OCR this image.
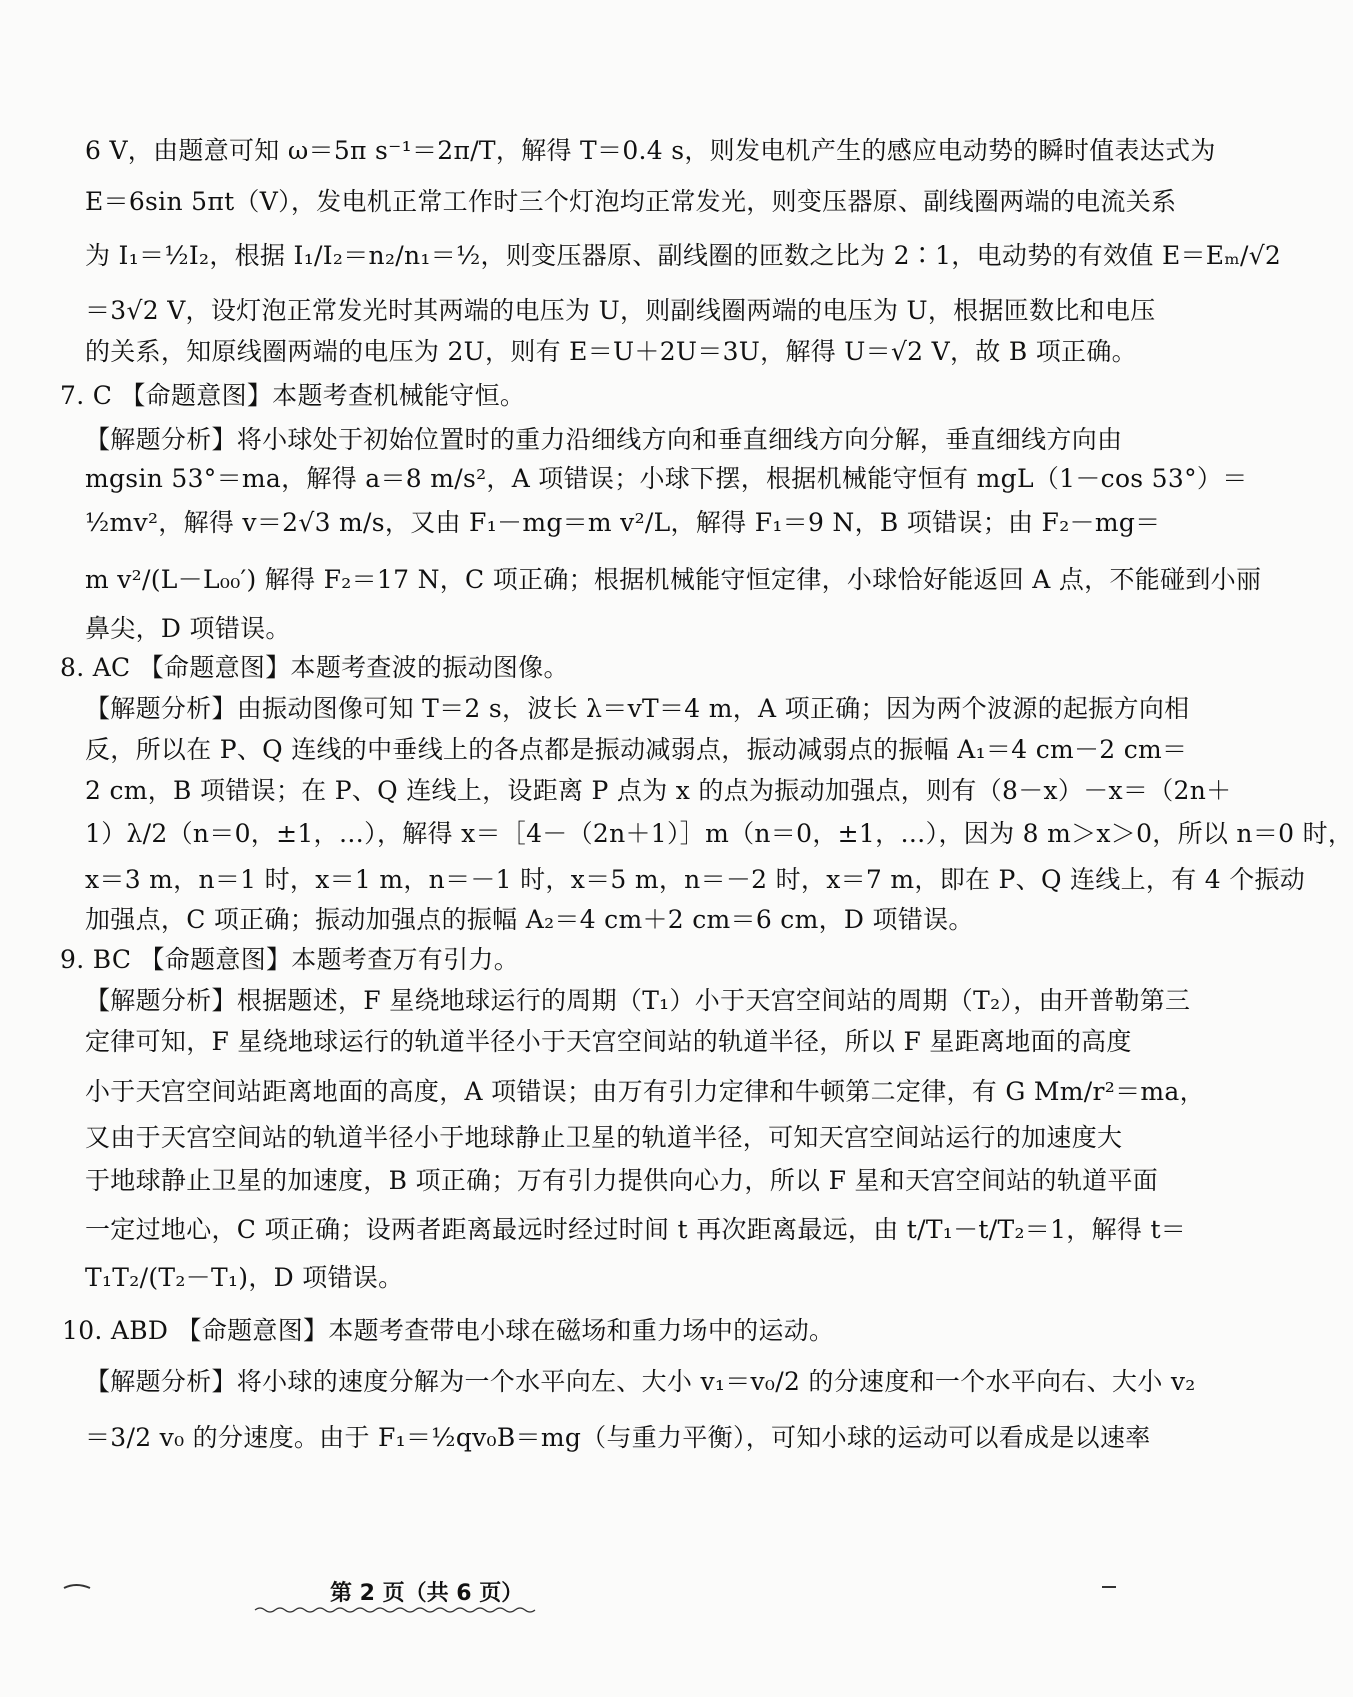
6 V，由题意可知 ω＝5π s⁻¹＝2π/T，解得 T＝0.4 s，则发电机产生的感应电动势的瞬时值表达式为
E＝6sin 5πt（V），发电机正常工作时三个灯泡均正常发光，则变压器原、副线圈两端的电流关系
为 I₁＝½I₂，根据 I₁/I₂＝n₂/n₁＝½，则变压器原、副线圈的匝数之比为 2∶1，电动势的有效值 E＝Eₘ/√2
＝3√2 V，设灯泡正常发光时其两端的电压为 U，则副线圈两端的电压为 U，根据匝数比和电压
的关系，知原线圈两端的电压为 2U，则有 E＝U＋2U＝3U，解得 U＝√2 V，故 B 项正确。
7. C 【命题意图】本题考查机械能守恒。
【解题分析】将小球处于初始位置时的重力沿细线方向和垂直细线方向分解，垂直细线方向由
mgsin 53°＝ma，解得 a＝8 m/s²，A 项错误；小球下摆，根据机械能守恒有 mgL（1－cos 53°）＝
½mv²，解得 v＝2√3 m/s，又由 F₁－mg＝m v²/L，解得 F₁＝9 N，B 项错误；由 F₂－mg＝
m v²/(L－L₀₀′) 解得 F₂＝17 N，C 项正确；根据机械能守恒定律，小球恰好能返回 A 点，不能碰到小丽
鼻尖，D 项错误。
8. AC 【命题意图】本题考查波的振动图像。
【解题分析】由振动图像可知 T＝2 s，波长 λ＝vT＝4 m，A 项正确；因为两个波源的起振方向相
反，所以在 P、Q 连线的中垂线上的各点都是振动减弱点，振动减弱点的振幅 A₁＝4 cm－2 cm＝
2 cm，B 项错误；在 P、Q 连线上，设距离 P 点为 x 的点为振动加强点，则有（8－x）－x＝（2n＋
1）λ/2（n＝0，±1，…），解得 x＝［4－（2n＋1）］m（n＝0，±1，…），因为 8 m＞x＞0，所以 n＝0 时，
x＝3 m，n＝1 时，x＝1 m，n＝－1 时，x＝5 m，n＝－2 时，x＝7 m，即在 P、Q 连线上，有 4 个振动
加强点，C 项正确；振动加强点的振幅 A₂＝4 cm＋2 cm＝6 cm，D 项错误。
9. BC 【命题意图】本题考查万有引力。
【解题分析】根据题述，F 星绕地球运行的周期（T₁）小于天宫空间站的周期（T₂），由开普勒第三
定律可知，F 星绕地球运行的轨道半径小于天宫空间站的轨道半径，所以 F 星距离地面的高度
小于天宫空间站距离地面的高度，A 项错误；由万有引力定律和牛顿第二定律，有 G Mm/r²＝ma，
又由于天宫空间站的轨道半径小于地球静止卫星的轨道半径，可知天宫空间站运行的加速度大
于地球静止卫星的加速度，B 项正确；万有引力提供向心力，所以 F 星和天宫空间站的轨道平面
一定过地心，C 项正确；设两者距离最远时经过时间 t 再次距离最远，由 t/T₁－t/T₂＝1，解得 t＝
T₁T₂/(T₂－T₁)，D 项错误。
10. ABD 【命题意图】本题考查带电小球在磁场和重力场中的运动。
【解题分析】将小球的速度分解为一个水平向左、大小 v₁＝v₀/2 的分速度和一个水平向右、大小 v₂
＝3/2 v₀ 的分速度。由于 F₁＝½qv₀B＝mg（与重力平衡），可知小球的运动可以看成是以速率
第 2 页（共 6 页）
